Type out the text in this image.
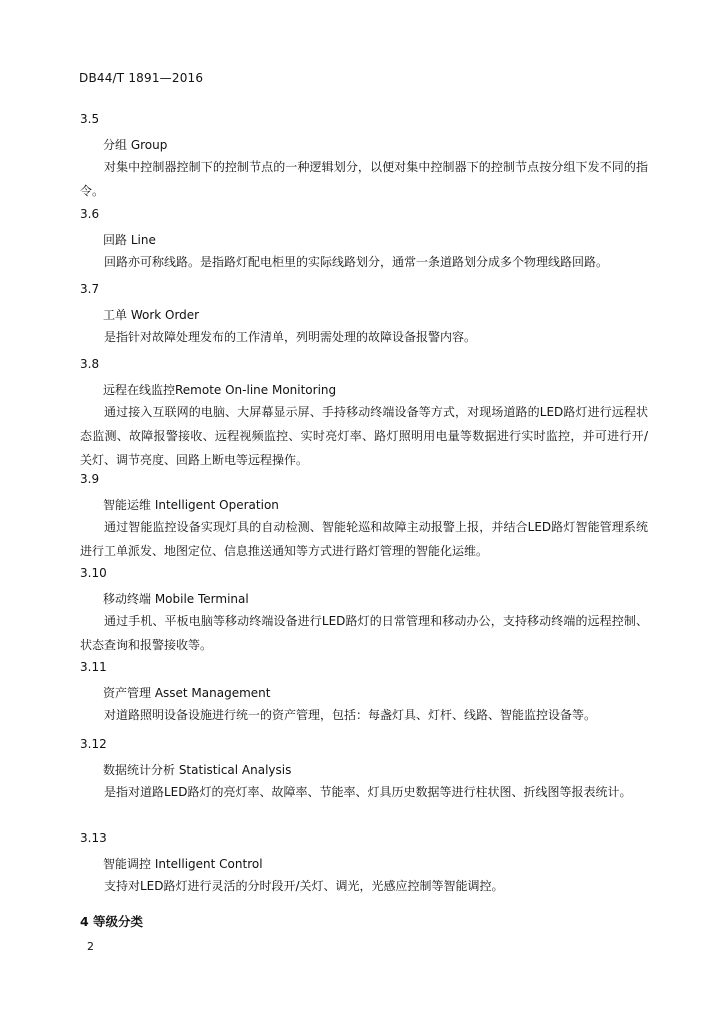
DB44/T 1891—2016
3.5
分组 Group
对集中控制器控制下的控制节点的一种逻辑划分，以便对集中控制器下的控制节点按分组下发不同的指令。
3.6
回路 Line
回路亦可称线路。是指路灯配电柜里的实际线路划分，通常一条道路划分成多个物理线路回路。
3.7
工单 Work Order
是指针对故障处理发布的工作清单，列明需处理的故障设备报警内容。
3.8
远程在线监控Remote On-line Monitoring
通过接入互联网的电脑、大屏幕显示屏、手持移动终端设备等方式，对现场道路的LED路灯进行远程状态监测、故障报警接收、远程视频监控、实时亮灯率、路灯照明用电量等数据进行实时监控，并可进行开/关灯、调节亮度、回路上断电等远程操作。
3.9
智能运维 Intelligent Operation
通过智能监控设备实现灯具的自动检测、智能轮巡和故障主动报警上报，并结合LED路灯智能管理系统进行工单派发、地图定位、信息推送通知等方式进行路灯管理的智能化运维。
3.10
移动终端 Mobile Terminal
通过手机、平板电脑等移动终端设备进行LED路灯的日常管理和移动办公，支持移动终端的远程控制、状态查询和报警接收等。
3.11
资产管理 Asset Management
对道路照明设备设施进行统一的资产管理，包括：每盏灯具、灯杆、线路、智能监控设备等。
3.12
数据统计分析 Statistical Analysis
是指对道路LED路灯的亮灯率、故障率、节能率、灯具历史数据等进行柱状图、折线图等报表统计。
3.13
智能调控 Intelligent Control
支持对LED路灯进行灵活的分时段开/关灯、调光，光感应控制等智能调控。
4 等级分类
2
